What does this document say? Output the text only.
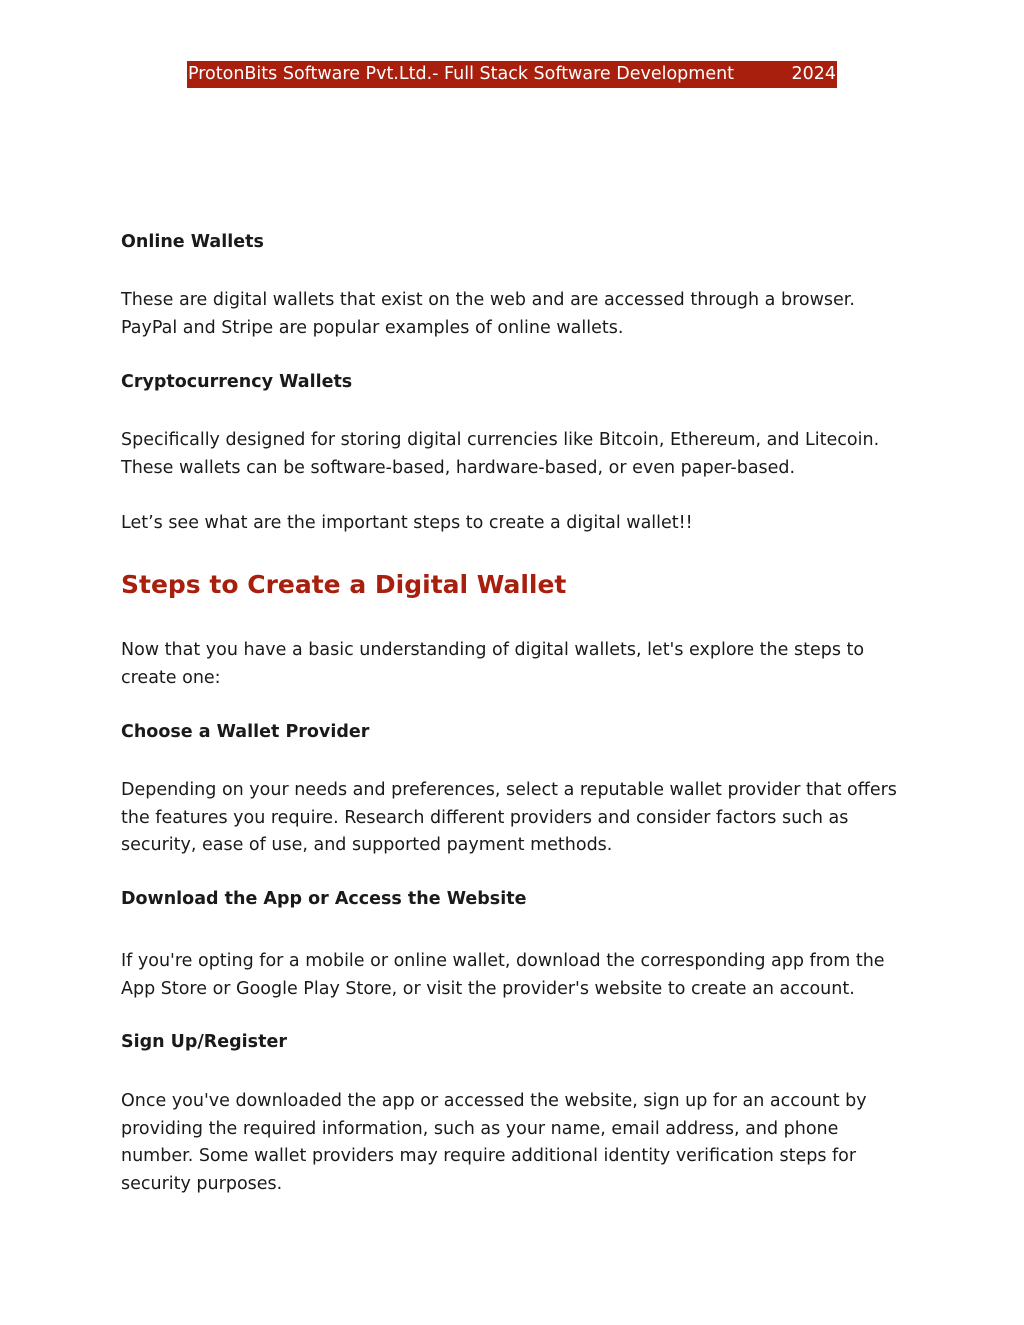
ProtonBits Software Pvt.Ltd.- Full Stack Software Development	2024
Online Wallets
These are digital wallets that exist on the web and are accessed through a browser. PayPal and Stripe are popular examples of online wallets.
Cryptocurrency Wallets
Specifically designed for storing digital currencies like Bitcoin, Ethereum, and Litecoin. These wallets can be software-based, hardware-based, or even paper-based.
Let’s see what are the important steps to create a digital wallet!!
Steps to Create a Digital Wallet
Now that you have a basic understanding of digital wallets, let's explore the steps to create one:
Choose a Wallet Provider
Depending on your needs and preferences, select a reputable wallet provider that offers the features you require. Research different providers and consider factors such as security, ease of use, and supported payment methods.
Download the App or Access the Website
If you're opting for a mobile or online wallet, download the corresponding app from the App Store or Google Play Store, or visit the provider's website to create an account.
Sign Up/Register
Once you've downloaded the app or accessed the website, sign up for an account by providing the required information, such as your name, email address, and phone number. Some wallet providers may require additional identity verification steps for security purposes.
